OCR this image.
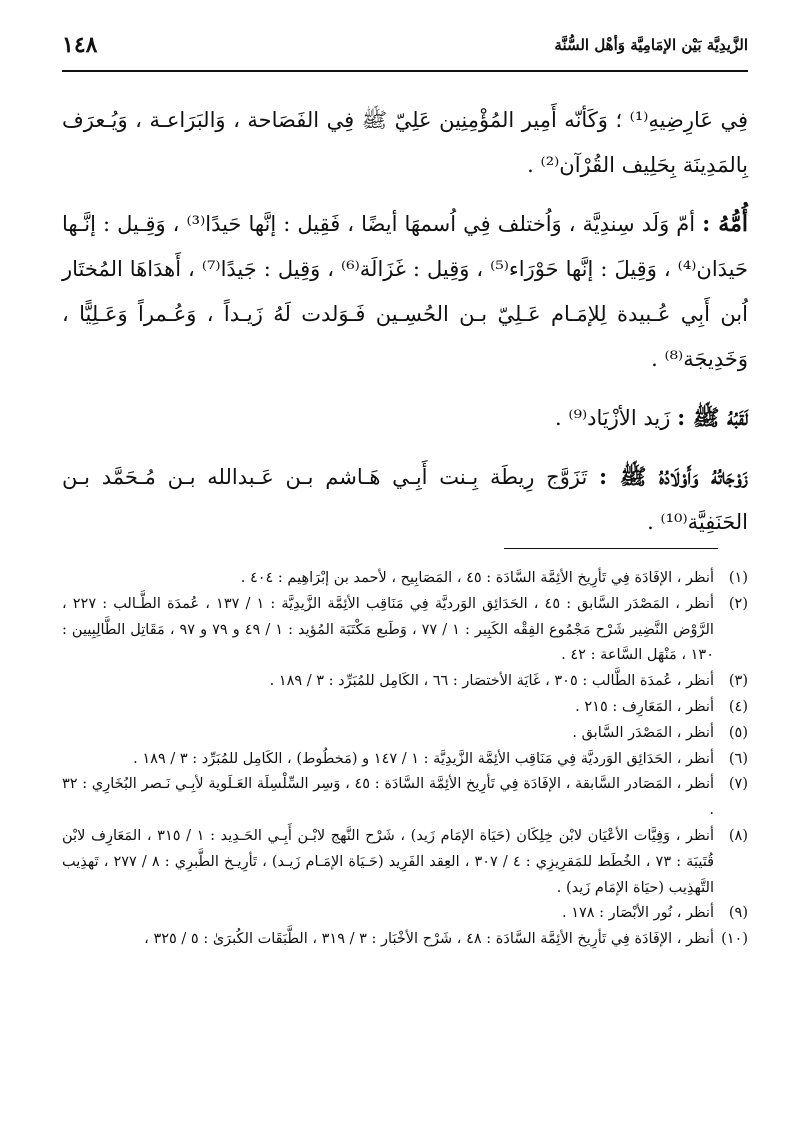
الزَّيدِيَّة بَيْن الإمَامِيَّة وَأهْل السُّنَّة
١٤٨

فِي عَارِضِيهِ⁽¹⁾ ؛ وَكَأنّه أَمِير المُؤْمِنِين عَلِيّ ﷺ فِي الفَصَاحة ، وَالبَرَاعـة ، وَيُـعرَف بِالمَدِينَة بِحَلِيف القُرْآن⁽²⁾ .

أُمُّهُ : أمّ وَلَد سِندِيَّة ، وَاُختلف فِي اُسمهَا أيضًا ، فَقِيل : إنَّها حَيدًا⁽³⁾ ، وَقِـيل : إنَّـها حَيدَان⁽⁴⁾ ، وَقِيلَ : إنَّها حَوْرَاء⁽⁵⁾ ، وَقِيل : غَزَالَة⁽⁶⁾ ، وَقِيل : جَيدًا⁽⁷⁾ ، أَهدَاهَا المُختَار اُبن أَبِي عُـبيدة لِلإمَـام عَـلِيّ بـن الحُسِـين فَـوَلدت لَهُ زَيـداً ، وَعُـمراً وَعَـلِيًّا ، وَخَدِيجَة⁽⁸⁾ .

لَقَبُهُ ﷺ : زَيد الأزْيَاد⁽⁹⁾ .

زَوْجَاتُهُ وَأَوْلَادُهُ ﷺ : تَزَوَّج رِيطَة بِـنت أَبِـي هَـاشم بـن عَـبدالله بـن مُـحَمَّد بـن الحَنَفِيَّة⁽¹⁰⁾ .

(١)
أنظر ، الإفَادَة فِي تَأرِيخ الأئِمَّة السَّادَة : ٤٥ ، المَصَابِيح ، لأحمد بن إبْرَاهِيم : ٤٠٤ .
(٢)
أنظر ، المَصْدَر السَّابق : ٤٥ ، الحَدَائِق الوَرديَّة فِي مَنَاقِب الأئِمَّة الزَّيدِيَّة : ١ / ١٣٧ ، عُمدَة الطَّـالب : ٢٢٧ ، الرَّوْض النَّضِير شَرْح مَجْمُوع الفِقْه الكَبِير : ١ / ٧٧ ، وَطَبع مَكْتَبَة المُؤيد : ١ / ٤٩ و ٧٩ و ٩٧ ، مَقَاتِل الطَّالِبِيين : ١٣٠ ، مَنْهَل السَّاعة : ٤٢ .
(٣)
أنظر ، عُمدَة الطَّالب : ٣٠٥ ، غَايَة الأختصَار : ٦٦ ، الكَامِل للمُبَرِّد : ٣ / ١٨٩ .
(٤)
أنظر ، المَعَارِف : ٢١٥ .
(٥)
أنظر ، المَصْدَر السَّابق .
(٦)
أنظر ، الحَدَائِق الوَرديَّة فِي مَنَاقِب الأئِمَّة الزَّيدِيَّة : ١ / ١٤٧ و (مَخطُوط) ، الكَامِل للمُبَرِّد : ٣ / ١٨٩ .
(٧)
أنظر ، المَصَادر السَّابقة ، الإفَادَة فِي تَأرِيخ الأئِمَّة السَّادَة : ٤٥ ، وَسِر السِّلْسِلَة العَـلَوية لأبِـي نَـصر البُخَارِي : ٣٢ .
(٨)
أنظر ، وَفِيَّات الأعْيَان لابْن خِلِكَان (حَيَاة الإمَام زَيد) ، شَرْح النَّهج لابْـن أَبِـي الحَـدِيد : ١ / ٣١٥ ، المَعَارِف لابْن قُتَيبَة : ٧٣ ، الخُطَط للمَقرِيزِي : ٤ / ٣٠٧ ، العِقد الفَرِيد (حَـيَاة الإمَـام زَيـد) ، تَأرِيـخ الطَّبرِي : ٨ / ٢٧٧ ، تَهذِيب التَّهذِيب (حيَاة الإمَام زَيد) .
(٩)
أنظر ، نُور الأبْصَار : ١٧٨ .
(١٠)
أنظر ، الإفَادَة فِي تَأرِيخ الأئِمَّة السَّادَة : ٤٨ ، شَرْح الأخْبَار : ٣ / ٣١٩ ، الطَّبَقَات الكُبرَىٰ : ٥ / ٣٢٥ ،
